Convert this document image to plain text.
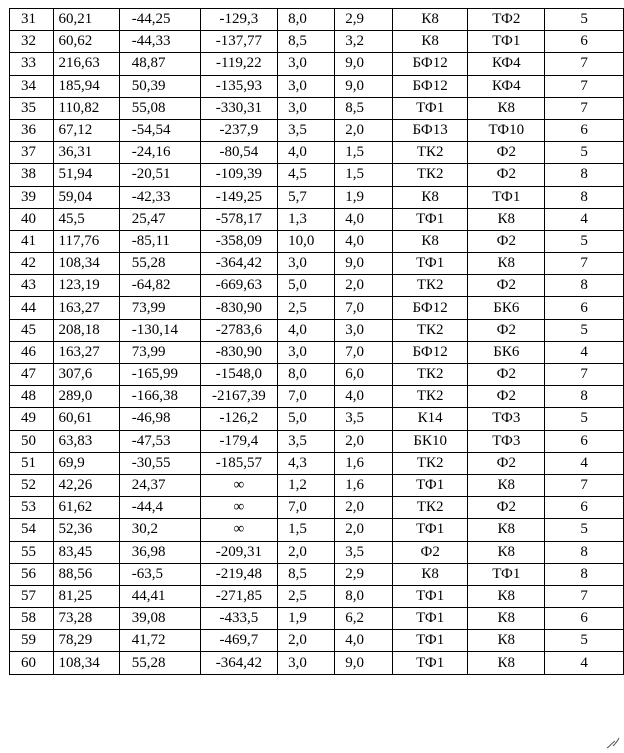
31	60,21	-44,25	-129,3	8,0	2,9	К8	ТФ2	5
32	60,62	-44,33	-137,77	8,5	3,2	К8	ТФ1	6
33	216,63	48,87	-119,22	3,0	9,0	БФ12	КФ4	7
34	185,94	50,39	-135,93	3,0	9,0	БФ12	КФ4	7
35	110,82	55,08	-330,31	3,0	8,5	ТФ1	К8	7
36	67,12	-54,54	-237,9	3,5	2,0	БФ13	ТФ10	6
37	36,31	-24,16	-80,54	4,0	1,5	ТК2	Ф2	5
38	51,94	-20,51	-109,39	4,5	1,5	ТК2	Ф2	8
39	59,04	-42,33	-149,25	5,7	1,9	К8	ТФ1	8
40	45,5	25,47	-578,17	1,3	4,0	ТФ1	К8	4
41	117,76	-85,11	-358,09	10,0	4,0	К8	Ф2	5
42	108,34	55,28	-364,42	3,0	9,0	ТФ1	К8	7
43	123,19	-64,82	-669,63	5,0	2,0	ТК2	Ф2	8
44	163,27	73,99	-830,90	2,5	7,0	БФ12	БК6	6
45	208,18	-130,14	-2783,6	4,0	3,0	ТК2	Ф2	5
46	163,27	73,99	-830,90	3,0	7,0	БФ12	БК6	4
47	307,6	-165,99	-1548,0	8,0	6,0	ТК2	Ф2	7
48	289,0	-166,38	-2167,39	7,0	4,0	ТК2	Ф2	8
49	60,61	-46,98	-126,2	5,0	3,5	К14	ТФ3	5
50	63,83	-47,53	-179,4	3,5	2,0	БК10	ТФ3	6
51	69,9	-30,55	-185,57	4,3	1,6	ТК2	Ф2	4
52	42,26	24,37	∞	1,2	1,6	ТФ1	К8	7
53	61,62	-44,4	∞	7,0	2,0	ТК2	Ф2	6
54	52,36	30,2	∞	1,5	2,0	ТФ1	К8	5
55	83,45	36,98	-209,31	2,0	3,5	Ф2	К8	8
56	88,56	-63,5	-219,48	8,5	2,9	К8	ТФ1	8
57	81,25	44,41	-271,85	2,5	8,0	ТФ1	К8	7
58	73,28	39,08	-433,5	1,9	6,2	ТФ1	К8	6
59	78,29	41,72	-469,7	2,0	4,0	ТФ1	К8	5
60	108,34	55,28	-364,42	3,0	9,0	ТФ1	К8	4
